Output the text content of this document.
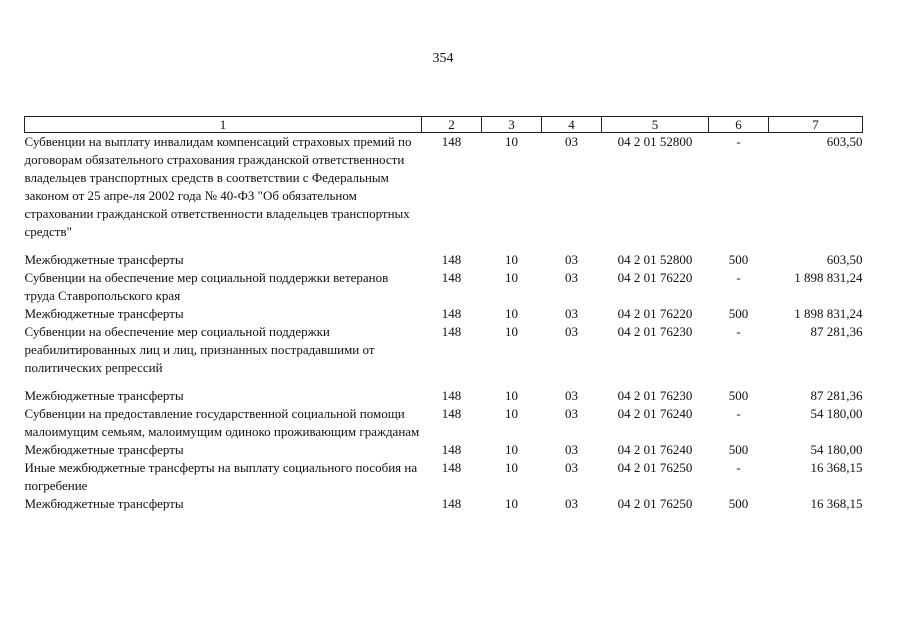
354
1	2	3	4	5	6	7
Субвенции на выплату инвалидам компенсаций страховых премий по договорам обязательного страхования гражданской ответственности владельцев транспортных средств в соответствии с Федеральным законом от 25 апре-ля 2002 года № 40-ФЗ "Об обязательном страховании гражданской ответственности владельцев транспортных средств"	148	10	03	04 2 01 52800	-	603,50
Межбюджетные трансферты	148	10	03	04 2 01 52800	500	603,50
Субвенции на обеспечение мер социальной поддержки ветеранов труда Ставропольского края	148	10	03	04 2 01 76220	-	1 898 831,24
Межбюджетные трансферты	148	10	03	04 2 01 76220	500	1 898 831,24
Субвенции на обеспечение мер социальной поддержки реабилитированных лиц и лиц, признанных пострадавшими от политических репрессий	148	10	03	04 2 01 76230	-	87 281,36
Межбюджетные трансферты	148	10	03	04 2 01 76230	500	87 281,36
Субвенции на предоставление государственной социальной помощи малоимущим семьям, малоимущим одиноко проживающим гражданам	148	10	03	04 2 01 76240	-	54 180,00
Межбюджетные трансферты	148	10	03	04 2 01 76240	500	54 180,00
Иные межбюджетные трансферты на выплату социального пособия на погребение	148	10	03	04 2 01 76250	-	16 368,15
Межбюджетные трансферты	148	10	03	04 2 01 76250	500	16 368,15
